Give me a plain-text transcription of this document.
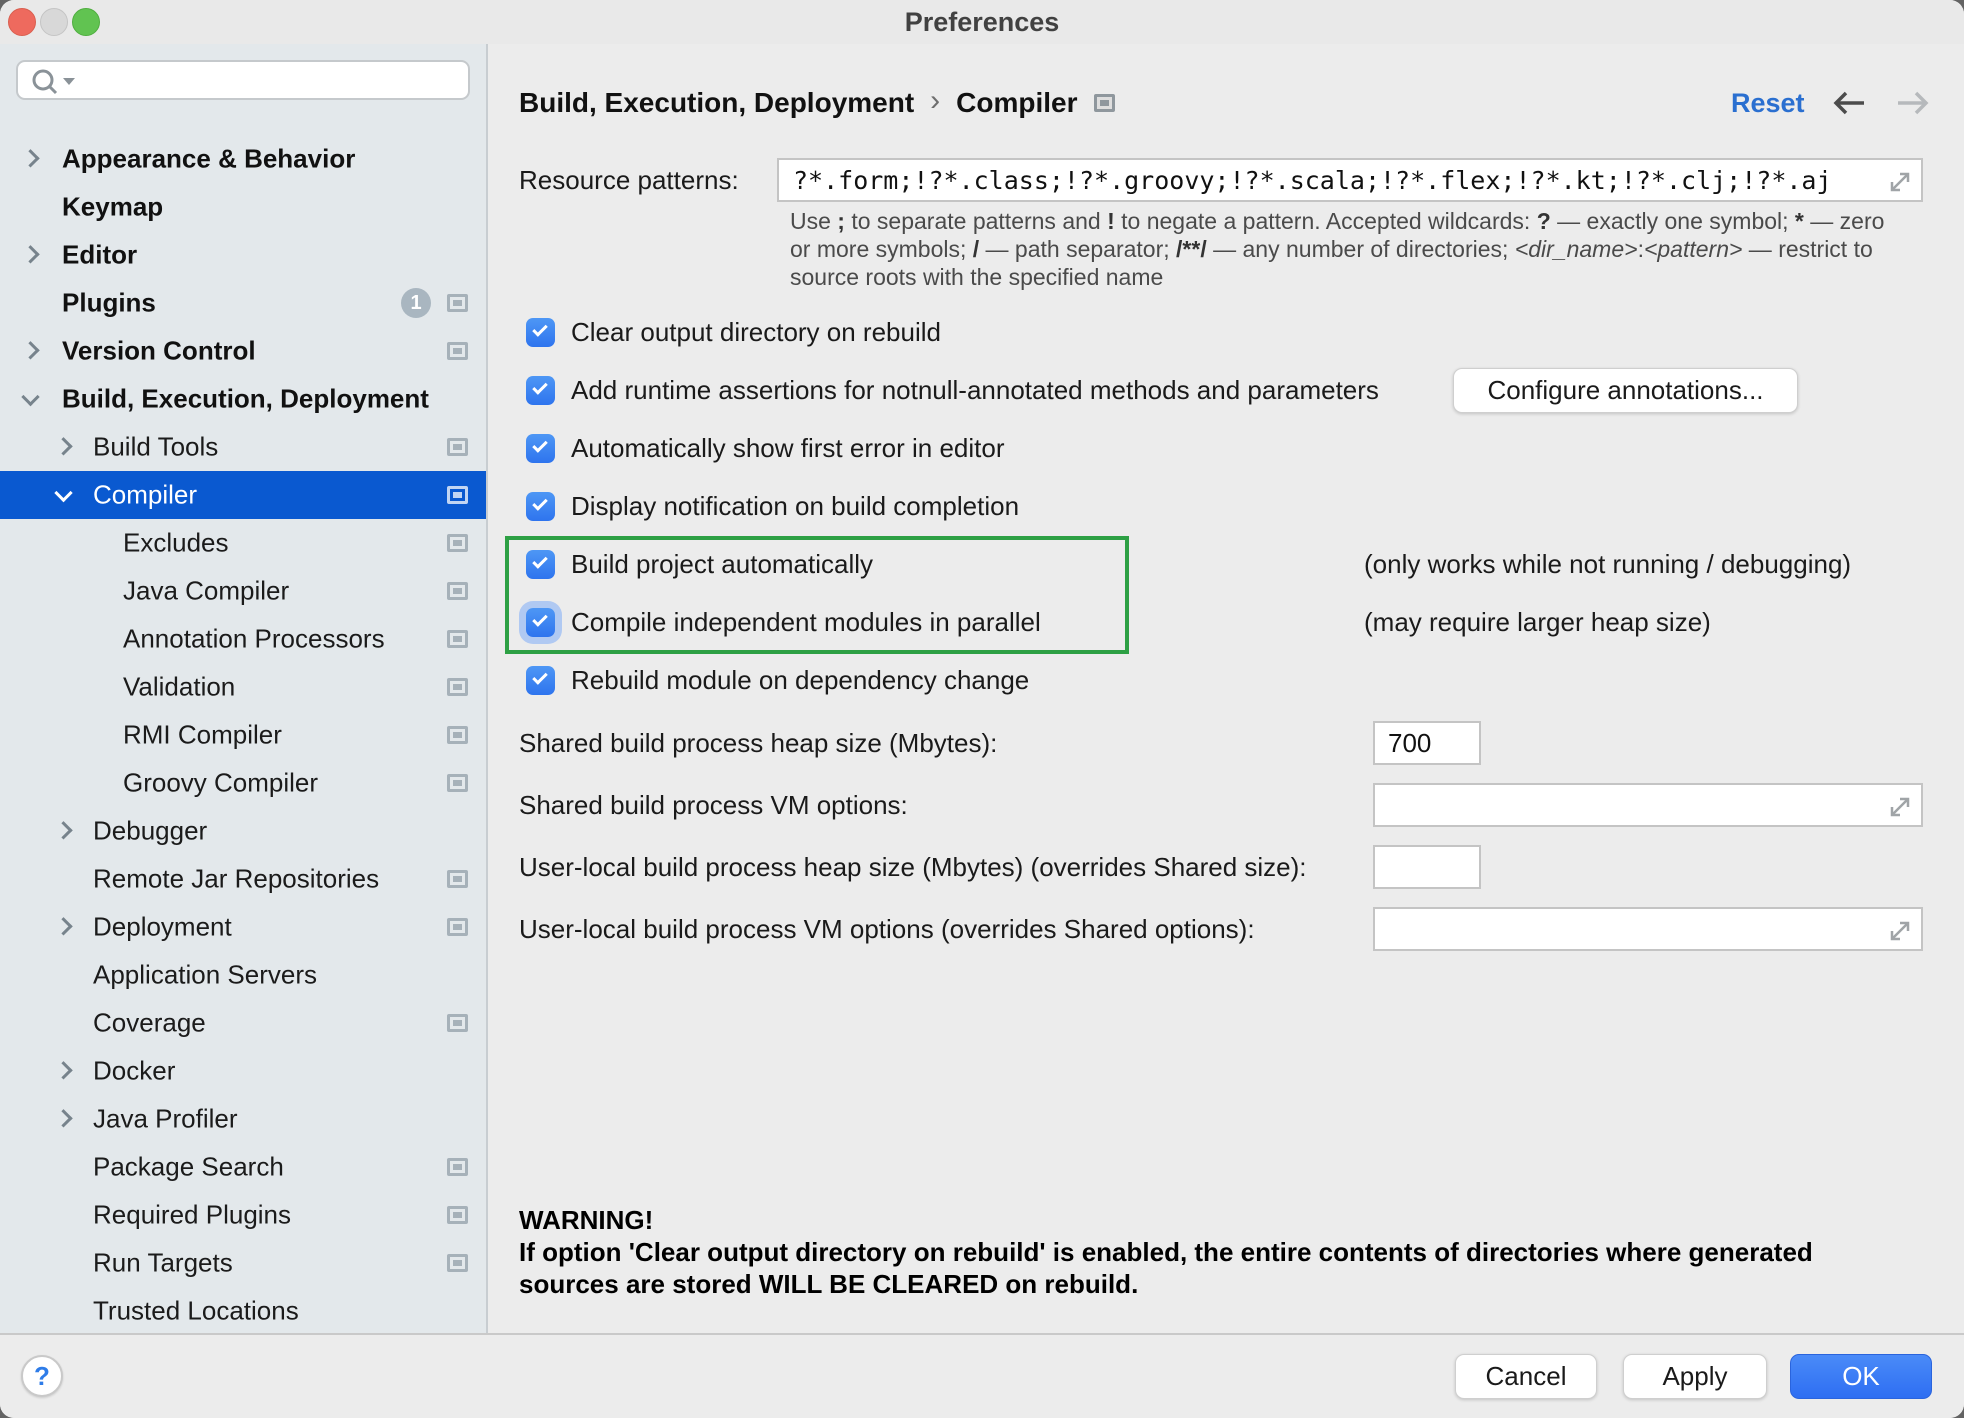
Preferences
Appearance & Behavior
Keymap
Editor
Plugins	1
Version Control
Build, Execution, Deployment
Build Tools
Compiler
Excludes
Java Compiler
Annotation Processors
Validation
RMI Compiler
Groovy Compiler
Debugger
Remote Jar Repositories
Deployment
Application Servers
Coverage
Docker
Java Profiler
Package Search
Required Plugins
Run Targets
Trusted Locations
Build, Execution, Deployment › Compiler	Reset
Resource patterns:
?*.form;!?*.class;!?*.groovy;!?*.scala;!?*.flex;!?*.kt;!?*.clj;!?*.aj
Use ; to separate patterns and ! to negate a pattern. Accepted wildcards: ? — exactly one symbol; * — zero
or more symbols; / — path separator; /**/ — any number of directories; <dir_name>:<pattern> — restrict to
source roots with the specified name
Clear output directory on rebuild
Add runtime assertions for notnull-annotated methods and parameters	Configure annotations...
Automatically show first error in editor
Display notification on build completion
Build project automatically	(only works while not running / debugging)
Compile independent modules in parallel	(may require larger heap size)
Rebuild module on dependency change
Shared build process heap size (Mbytes):
700
Shared build process VM options:
User-local build process heap size (Mbytes) (overrides Shared size):
User-local build process VM options (overrides Shared options):
WARNING!
If option 'Clear output directory on rebuild' is enabled, the entire contents of directories where generated
sources are stored WILL BE CLEARED on rebuild.
?	Cancel	Apply	OK
